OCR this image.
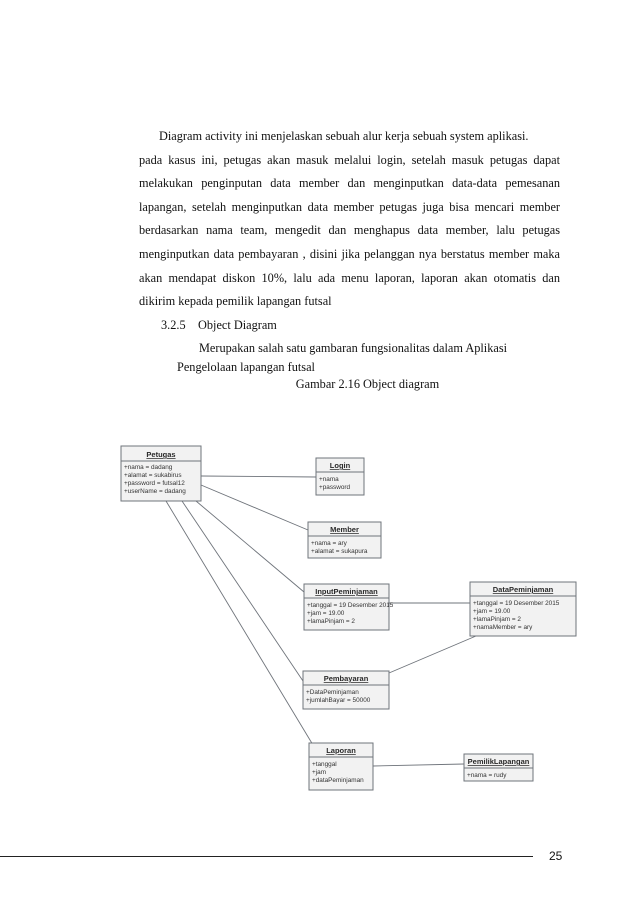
Diagram activity ini menjelaskan sebuah alur kerja sebuah system aplikasi.
pada kasus ini, petugas akan masuk melalui login, setelah masuk petugas dapat melakukan penginputan data member dan menginputkan data-data pemesanan lapangan, setelah menginputkan data member petugas juga bisa mencari member berdasarkan nama team, mengedit dan menghapus data member, lalu petugas menginputkan data pembayaran , disini jika pelanggan nya berstatus member maka akan mendapat diskon 10%, lalu ada menu laporan, laporan akan otomatis dan dikirim kepada pemilik lapangan futsal
3.2.5 Object Diagram

Merupakan salah satu gambaran fungsionalitas dalam Aplikasi
Pengelolaan lapangan futsal

Gambar 2.16 Object diagram
Petugas
+nama = dadang
+alamat = sukabirus
+password = futsal12
+userName = dadang
Login
+nama
+password
Member
+nama = ary
+alamat = sukapura
InputPeminjaman
+tanggal = 19 Desember 2015
+jam = 19.00
+lamaPinjam = 2
DataPeminjaman
+tanggal = 19 Desember 2015
+jam = 19.00
+lamaPinjam = 2
+namaMember = ary
Pembayaran
+DataPeminjaman
+jumlahBayar = 50000
Laporan
+tanggal
+jam
+dataPeminjaman
PemilikLapangan
+nama = rudy
25
